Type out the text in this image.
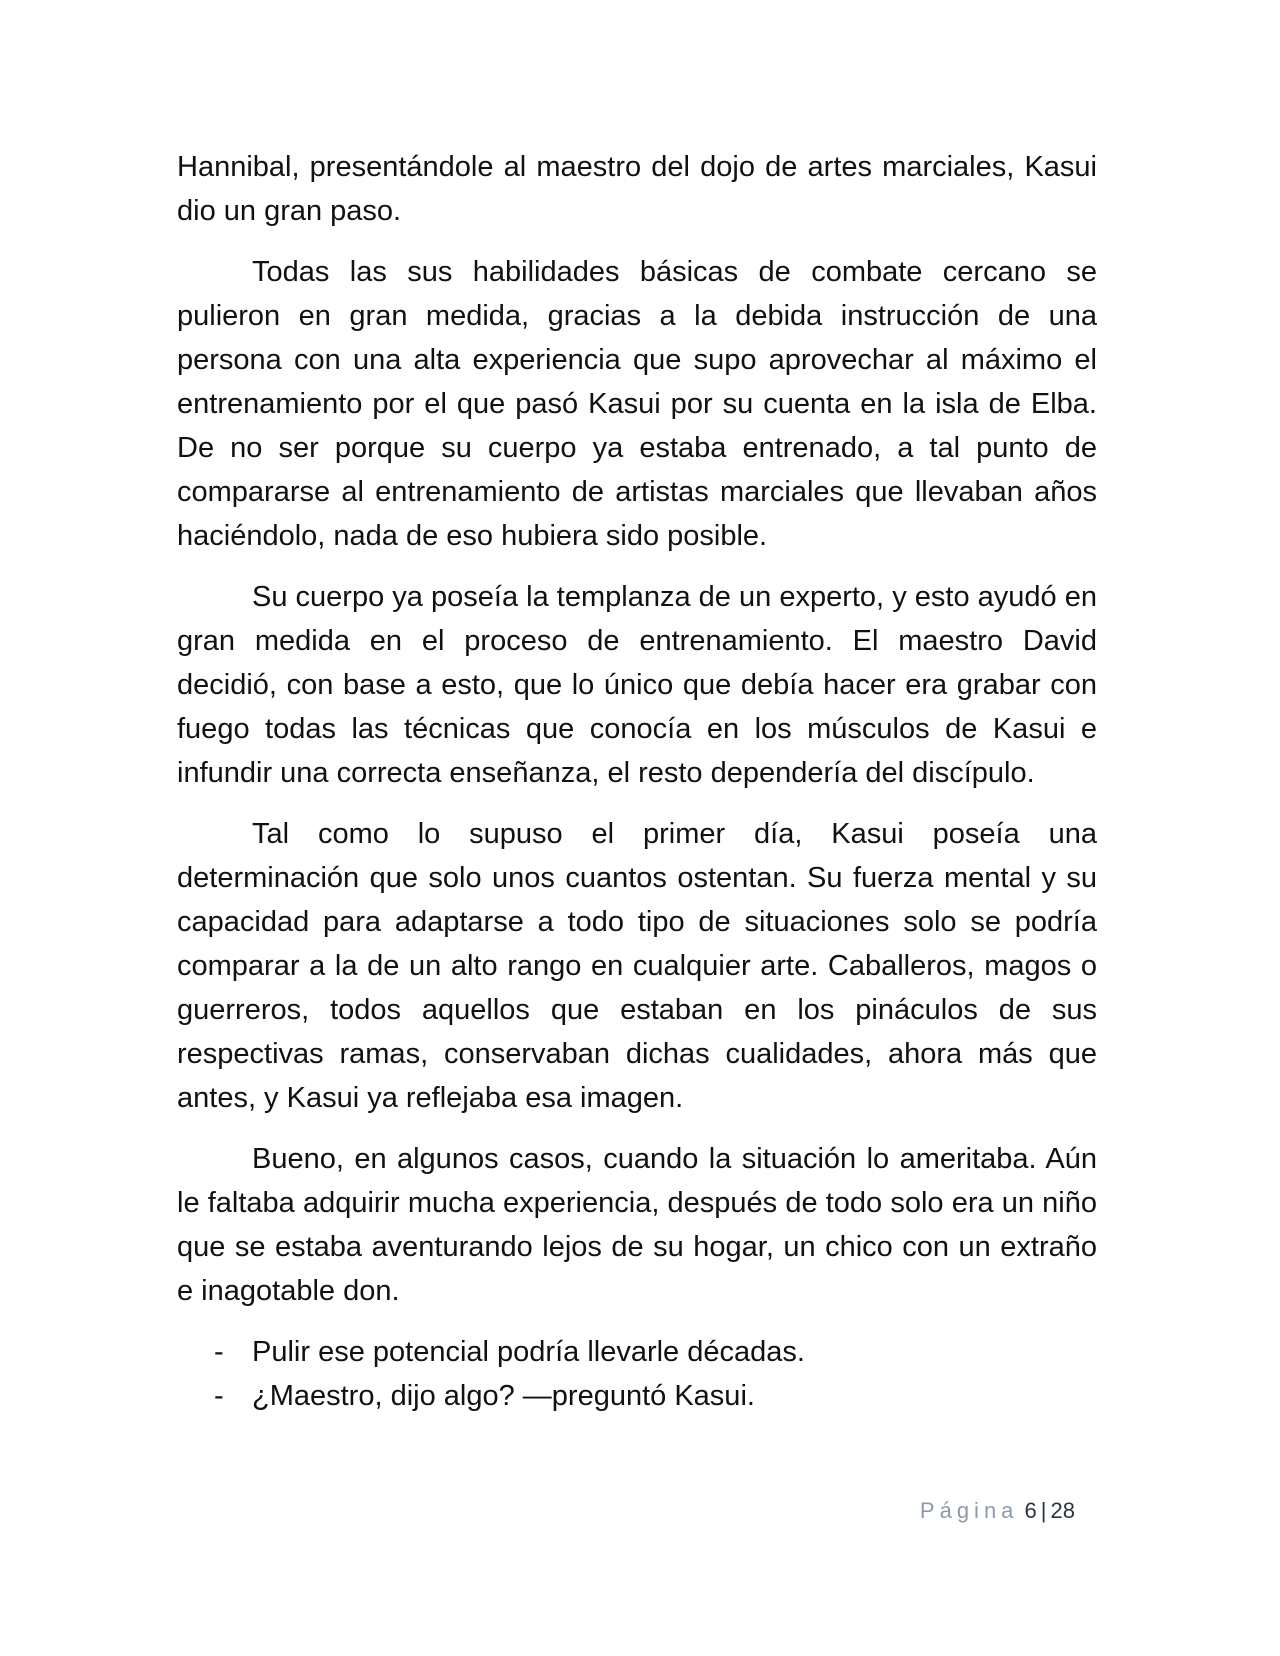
Hannibal, presentándole al maestro del dojo de artes marciales, Kasui dio un gran paso.

Todas las sus habilidades básicas de combate cercano se pulieron en gran medida, gracias a la debida instrucción de una persona con una alta experiencia que supo aprovechar al máximo el entrenamiento por el que pasó Kasui por su cuenta en la isla de Elba. De no ser porque su cuerpo ya estaba entrenado, a tal punto de compararse al entrenamiento de artistas marciales que llevaban años haciéndolo, nada de eso hubiera sido posible.

Su cuerpo ya poseía la templanza de un experto, y esto ayudó en gran medida en el proceso de entrenamiento. El maestro David decidió, con base a esto, que lo único que debía hacer era grabar con fuego todas las técnicas que conocía en los músculos de Kasui e infundir una correcta enseñanza, el resto dependería del discípulo.

Tal como lo supuso el primer día, Kasui poseía una determinación que solo unos cuantos ostentan. Su fuerza mental y su capacidad para adaptarse a todo tipo de situaciones solo se podría comparar a la de un alto rango en cualquier arte. Caballeros, magos o guerreros, todos aquellos que estaban en los pináculos de sus respectivas ramas, conservaban dichas cualidades, ahora más que antes, y Kasui ya reflejaba esa imagen.

Bueno, en algunos casos, cuando la situación lo ameritaba. Aún le faltaba adquirir mucha experiencia, después de todo solo era un niño que se estaba aventurando lejos de su hogar, un chico con un extraño e inagotable don.

- Pulir ese potencial podría llevarle décadas.
- ¿Maestro, dijo algo? —preguntó Kasui.
Página 6 | 28
